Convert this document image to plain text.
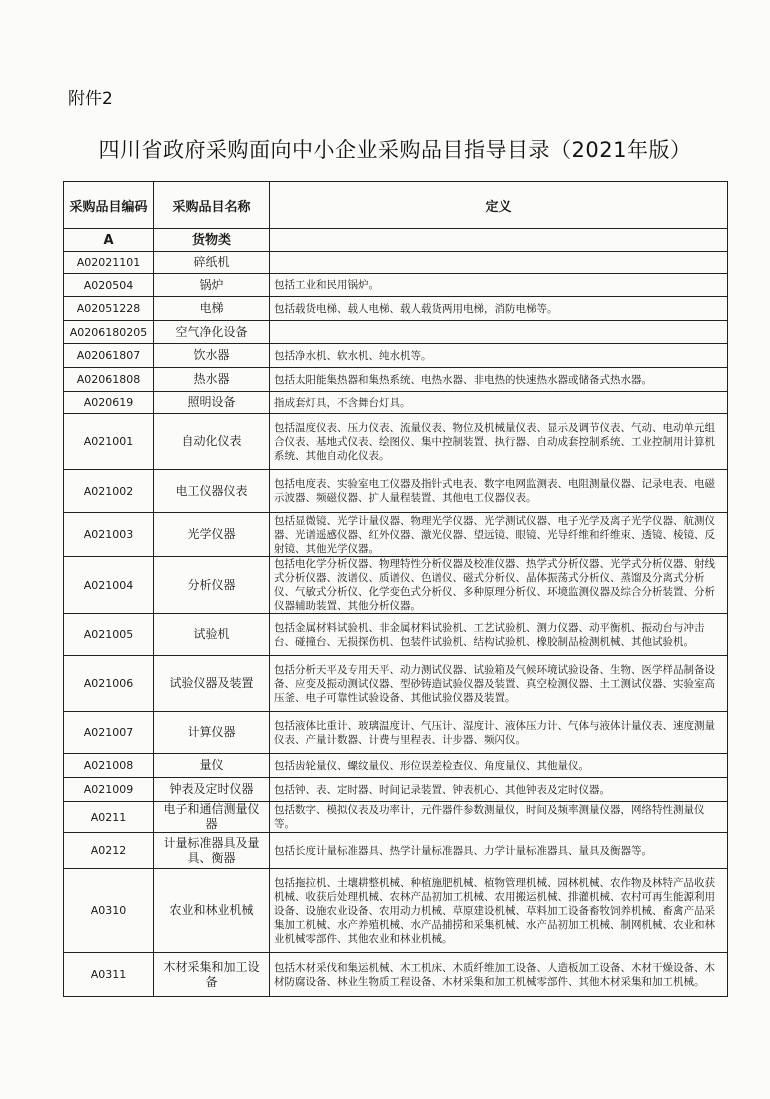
附件2
四川省政府采购面向中小企业采购品目指导目录（2021年版）
采购品目编码	采购品目名称	定义
A	货物类	
A02021101	碎纸机	
A020504	锅炉	包括工业和民用锅炉。
A02051228	电梯	包括载货电梯、载人电梯、载人载货两用电梯，消防电梯等。
A0206180205	空气净化设备	
A02061807	饮水器	包括净水机、软水机、纯水机等。
A02061808	热水器	包括太阳能集热器和集热系统、电热水器、非电热的快速热水器或储备式热水器。
A020619	照明设备	指成套灯具，不含舞台灯具。
A021001	自动化仪表	包括温度仪表、压力仪表、流量仪表、物位及机械量仪表、显示及调节仪表、气动、电动单元组合仪表、基地式仪表、绘图仪、集中控制装置、执行器、自动成套控制系统、工业控制用计算机系统、其他自动化仪表。
A021002	电工仪器仪表	包括电度表、实验室电工仪器及指针式电表、数字电网监测表、电阻测量仪器、记录电表、电磁示波器、频磁仪器、扩人量程装置、其他电工仪器仪表。
A021003	光学仪器	包括显微镜、光学计量仪器、物理光学仪器、光学测试仪器、电子光学及离子光学仪器、航测仪器、光谱遥感仪器、红外仪器、激光仪器、望远镜、眼镜、光导纤维和纤维束、透镜、棱镜、反射镜、其他光学仪器。
A021004	分析仪器	包括电化学分析仪器、物理特性分析仪器及校准仪器、热学式分析仪器、光学式分析仪器、射线式分析仪器、波谱仪、质谱仪、色谱仪、磁式分析仪、晶体振荡式分析仪、蒸馏及分离式分析仪、气敏式分析仪、化学变色式分析仪、多种原理分析仪、环境监测仪器及综合分析装置、分析仪器辅助装置、其他分析仪器。
A021005	试验机	包括金属材料试验机、非金属材料试验机、工艺试验机、测力仪器、动平衡机、振动台与冲击台、碰撞台、无损探伤机、包装件试验机、结构试验机、橡胶制品检测机械、其他试验机。
A021006	试验仪器及装置	包括分析天平及专用天平、动力测试仪器、试验箱及气候环境试验设备、生物、医学样品制备设备、应变及振动测试仪器、型砂铸造试验仪器及装置、真空检测仪器、土工测试仪器、实验室高压釜、电子可靠性试验设备、其他试验仪器及装置。
A021007	计算仪器	包括液体比重计、玻璃温度计、气压计、湿度计、液体压力计、气体与液体计量仪表、速度测量仪表、产量计数器、计费与里程表、计步器、频闪仪。
A021008	量仪	包括齿轮量仪、螺纹量仪、形位误差检查仪、角度量仪、其他量仪。
A021009	钟表及定时仪器	包括钟、表、定时器、时间记录装置、钟表机心、其他钟表及定时仪器。
A0211	电子和通信测量仪器	包括数字、模拟仪表及功率计，元件器件参数测量仪，时间及频率测量仪器，网络特性测量仪等。
A0212	计量标准器具及量具、衡器	包括长度计量标准器具、热学计量标准器具、力学计量标准器具、量具及衡器等。
A0310	农业和林业机械	包括拖拉机、土壤耕整机械、种植施肥机械、植物管理机械、园林机械、农作物及林特产品收获机械、收获后处理机械、农林产品初加工机械、农用搬运机械、排灌机械、农村可再生能源利用设备、设施农业设备、农用动力机械、草原建设机械、草料加工设备畜牧饲养机械、畜禽产品采集加工机械、水产养殖机械、水产品捕捞和采集机械、水产品初加工机械、制网机械、农业和林业机械零部件、其他农业和林业机械。
A0311	木材采集和加工设备	包括木材采伐和集运机械、木工机床、木质纤维加工设备、人造板加工设备、木材干燥设备、木材防腐设备、林业生物质工程设备、木材采集和加工机械零部件、其他木材采集和加工机械。
